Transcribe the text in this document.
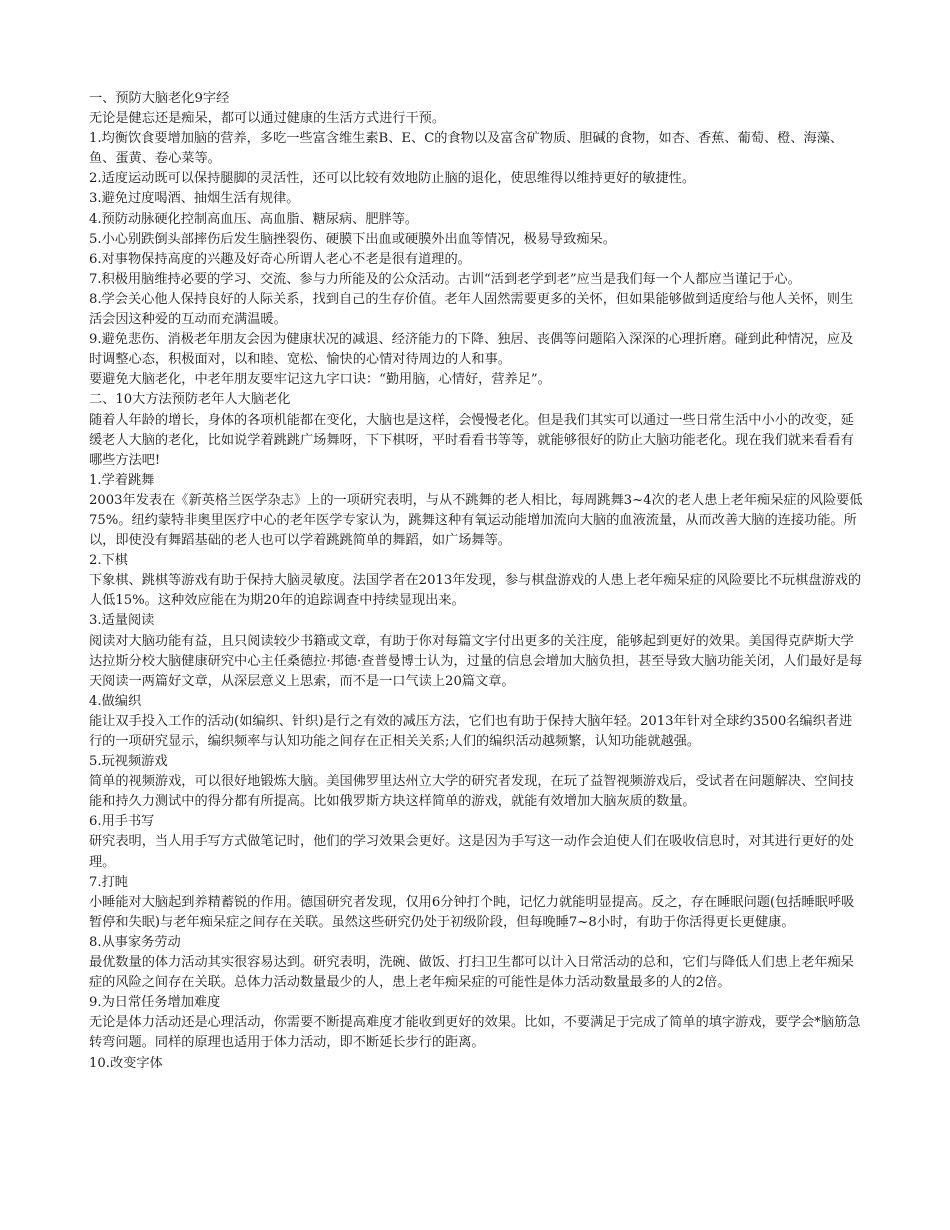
一、预防大脑老化9字经

无论是健忘还是痴呆，都可以通过健康的生活方式进行干预。

1.均衡饮食要增加脑的营养，多吃一些富含维生素B、E、C的食物以及富含矿物质、胆碱的食物，如杏、香蕉、葡萄、橙、海藻、鱼、蛋黄、卷心菜等。

2.适度运动既可以保持腿脚的灵活性，还可以比较有效地防止脑的退化，使思维得以维持更好的敏捷性。

3.避免过度喝酒、抽烟生活有规律。

4.预防动脉硬化控制高血压、高血脂、糖尿病、肥胖等。

5.小心别跌倒头部摔伤后发生脑挫裂伤、硬膜下出血或硬膜外出血等情况，极易导致痴呆。

6.对事物保持高度的兴趣及好奇心所谓人老心不老是很有道理的。

7.积极用脑维持必要的学习、交流、参与力所能及的公众活动。古训“活到老学到老”应当是我们每一个人都应当谨记于心。

8.学会关心他人保持良好的人际关系，找到自己的生存价值。老年人固然需要更多的关怀，但如果能够做到适度给与他人关怀，则生活会因这种爱的互动而充满温暖。

9.避免悲伤、消极老年朋友会因为健康状况的减退、经济能力的下降、独居、丧偶等问题陷入深深的心理折磨。碰到此种情况，应及时调整心态，积极面对，以和睦、宽松、愉快的心情对待周边的人和事。

要避免大脑老化，中老年朋友要牢记这九字口诀：“勤用脑，心情好，营养足”。

二、10大方法预防老年人大脑老化

随着人年龄的增长，身体的各项机能都在变化，大脑也是这样，会慢慢老化。但是我们其实可以通过一些日常生活中小小的改变，延缓老人大脑的老化，比如说学着跳跳广场舞呀，下下棋呀，平时看看书等等，就能够很好的防止大脑功能老化。现在我们就来看看有哪些方法吧!

1.学着跳舞

2003年发表在《新英格兰医学杂志》上的一项研究表明，与从不跳舞的老人相比，每周跳舞3~4次的老人患上老年痴呆症的风险要低75%。纽约蒙特非奥里医疗中心的老年医学专家认为，跳舞这种有氧运动能增加流向大脑的血液流量，从而改善大脑的连接功能。所以，即使没有舞蹈基础的老人也可以学着跳跳简单的舞蹈，如广场舞等。

2.下棋

下象棋、跳棋等游戏有助于保持大脑灵敏度。法国学者在2013年发现，参与棋盘游戏的人患上老年痴呆症的风险要比不玩棋盘游戏的人低15%。这种效应能在为期20年的追踪调查中持续显现出来。

3.适量阅读

阅读对大脑功能有益，且只阅读较少书籍或文章，有助于你对每篇文字付出更多的关注度，能够起到更好的效果。美国得克萨斯大学达拉斯分校大脑健康研究中心主任桑德拉·邦德·查普曼博士认为，过量的信息会增加大脑负担，甚至导致大脑功能关闭，人们最好是每天阅读一两篇好文章，从深层意义上思索，而不是一口气读上20篇文章。

4.做编织

能让双手投入工作的活动(如编织、针织)是行之有效的减压方法，它们也有助于保持大脑年轻。2013年针对全球约3500名编织者进行的一项研究显示，编织频率与认知功能之间存在正相关关系;人们的编织活动越频繁，认知功能就越强。

5.玩视频游戏

简单的视频游戏，可以很好地锻炼大脑。美国佛罗里达州立大学的研究者发现，在玩了益智视频游戏后，受试者在问题解决、空间技能和持久力测试中的得分都有所提高。比如俄罗斯方块这样简单的游戏，就能有效增加大脑灰质的数量。

6.用手书写

研究表明，当人用手写方式做笔记时，他们的学习效果会更好。这是因为手写这一动作会迫使人们在吸收信息时，对其进行更好的处理。

7.打盹

小睡能对大脑起到养精蓄锐的作用。德国研究者发现，仅用6分钟打个盹，记忆力就能明显提高。反之，存在睡眠问题(包括睡眠呼吸暂停和失眠)与老年痴呆症之间存在关联。虽然这些研究仍处于初级阶段，但每晚睡7~8小时，有助于你活得更长更健康。

8.从事家务劳动

最优数量的体力活动其实很容易达到。研究表明，洗碗、做饭、打扫卫生都可以计入日常活动的总和，它们与降低人们患上老年痴呆症的风险之间存在关联。总体力活动数量最少的人，患上老年痴呆症的可能性是体力活动数量最多的人的2倍。

9.为日常任务增加难度

无论是体力活动还是心理活动，你需要不断提高难度才能收到更好的效果。比如，不要满足于完成了简单的填字游戏，要学会*脑筋急转弯问题。同样的原理也适用于体力活动，即不断延长步行的距离。

10.改变字体
